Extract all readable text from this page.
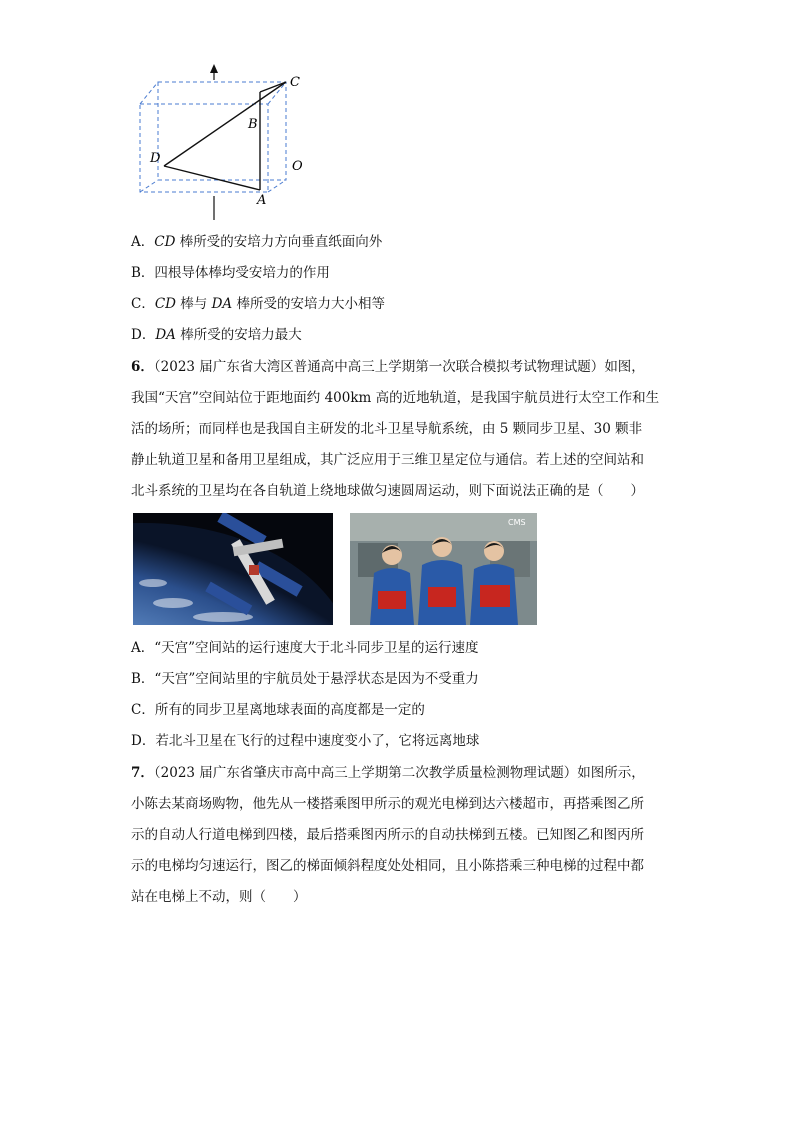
C
B
D
O
A
A．CD 棒所受的安培力方向垂直纸面向外
B．四根导体棒均受安培力的作用
C．CD 棒与 DA 棒所受的安培力大小相等
D．DA 棒所受的安培力最大
6．（2023 届广东省大湾区普通高中高三上学期第一次联合模拟考试物理试题）如图，
我国“天宫”空间站位于距地面约 400km 高的近地轨道，是我国宇航员进行太空工作和生
活的场所；而同样也是我国自主研发的北斗卫星导航系统，由 5 颗同步卫星、30 颗非
静止轨道卫星和备用卫星组成，其广泛应用于三维卫星定位与通信。若上述的空间站和
北斗系统的卫星均在各自轨道上绕地球做匀速圆周运动，则下面说法正确的是（　　）
CMS
A．“天宫”空间站的运行速度大于北斗同步卫星的运行速度
B．“天宫”空间站里的宇航员处于悬浮状态是因为不受重力
C．所有的同步卫星离地球表面的高度都是一定的
D．若北斗卫星在飞行的过程中速度变小了，它将远离地球
7．（2023 届广东省肇庆市高中高三上学期第二次教学质量检测物理试题）如图所示，
小陈去某商场购物，他先从一楼搭乘图甲所示的观光电梯到达六楼超市，再搭乘图乙所
示的自动人行道电梯到四楼，最后搭乘图丙所示的自动扶梯到五楼。已知图乙和图丙所
示的电梯均匀速运行，图乙的梯面倾斜程度处处相同，且小陈搭乘三种电梯的过程中都
站在电梯上不动，则（　　）
